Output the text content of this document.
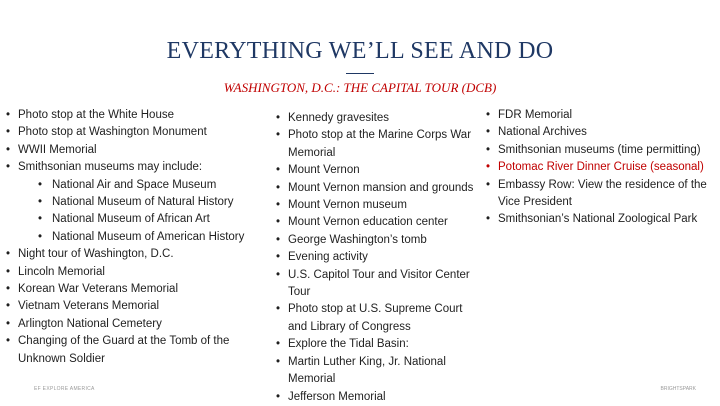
EVERYTHING WE’LL SEE AND DO
WASHINGTON, D.C.: THE CAPITAL TOUR (DCB)
• Photo stop at the White House
• Photo stop at Washington Monument
• WWII Memorial
• Smithsonian museums may include:
• National Air and Space Museum
• National Museum of Natural History
• National Museum of African Art
• National Museum of American History
• Night tour of Washington, D.C.
• Lincoln Memorial
• Korean War Veterans Memorial
• Vietnam Veterans Memorial
• Arlington National Cemetery
• Changing of the Guard at the Tomb of the Unknown Soldier
• Kennedy gravesites
• Photo stop at the Marine Corps War Memorial
• Mount Vernon
• Mount Vernon mansion and grounds
• Mount Vernon museum
• Mount Vernon education center
• George Washington’s tomb
• Evening activity
• U.S. Capitol Tour and Visitor Center Tour
• Photo stop at U.S. Supreme Court and Library of Congress
• Explore the Tidal Basin:
• Martin Luther King, Jr. National Memorial
• Jefferson Memorial
• FDR Memorial
• National Archives
• Smithsonian museums (time permitting)
• Potomac River Dinner Cruise (seasonal)
• Embassy Row: View the residence of the Vice President
• Smithsonian’s National Zoological Park
EF EXPLORE AMERICA	BRIGHTSPARK
